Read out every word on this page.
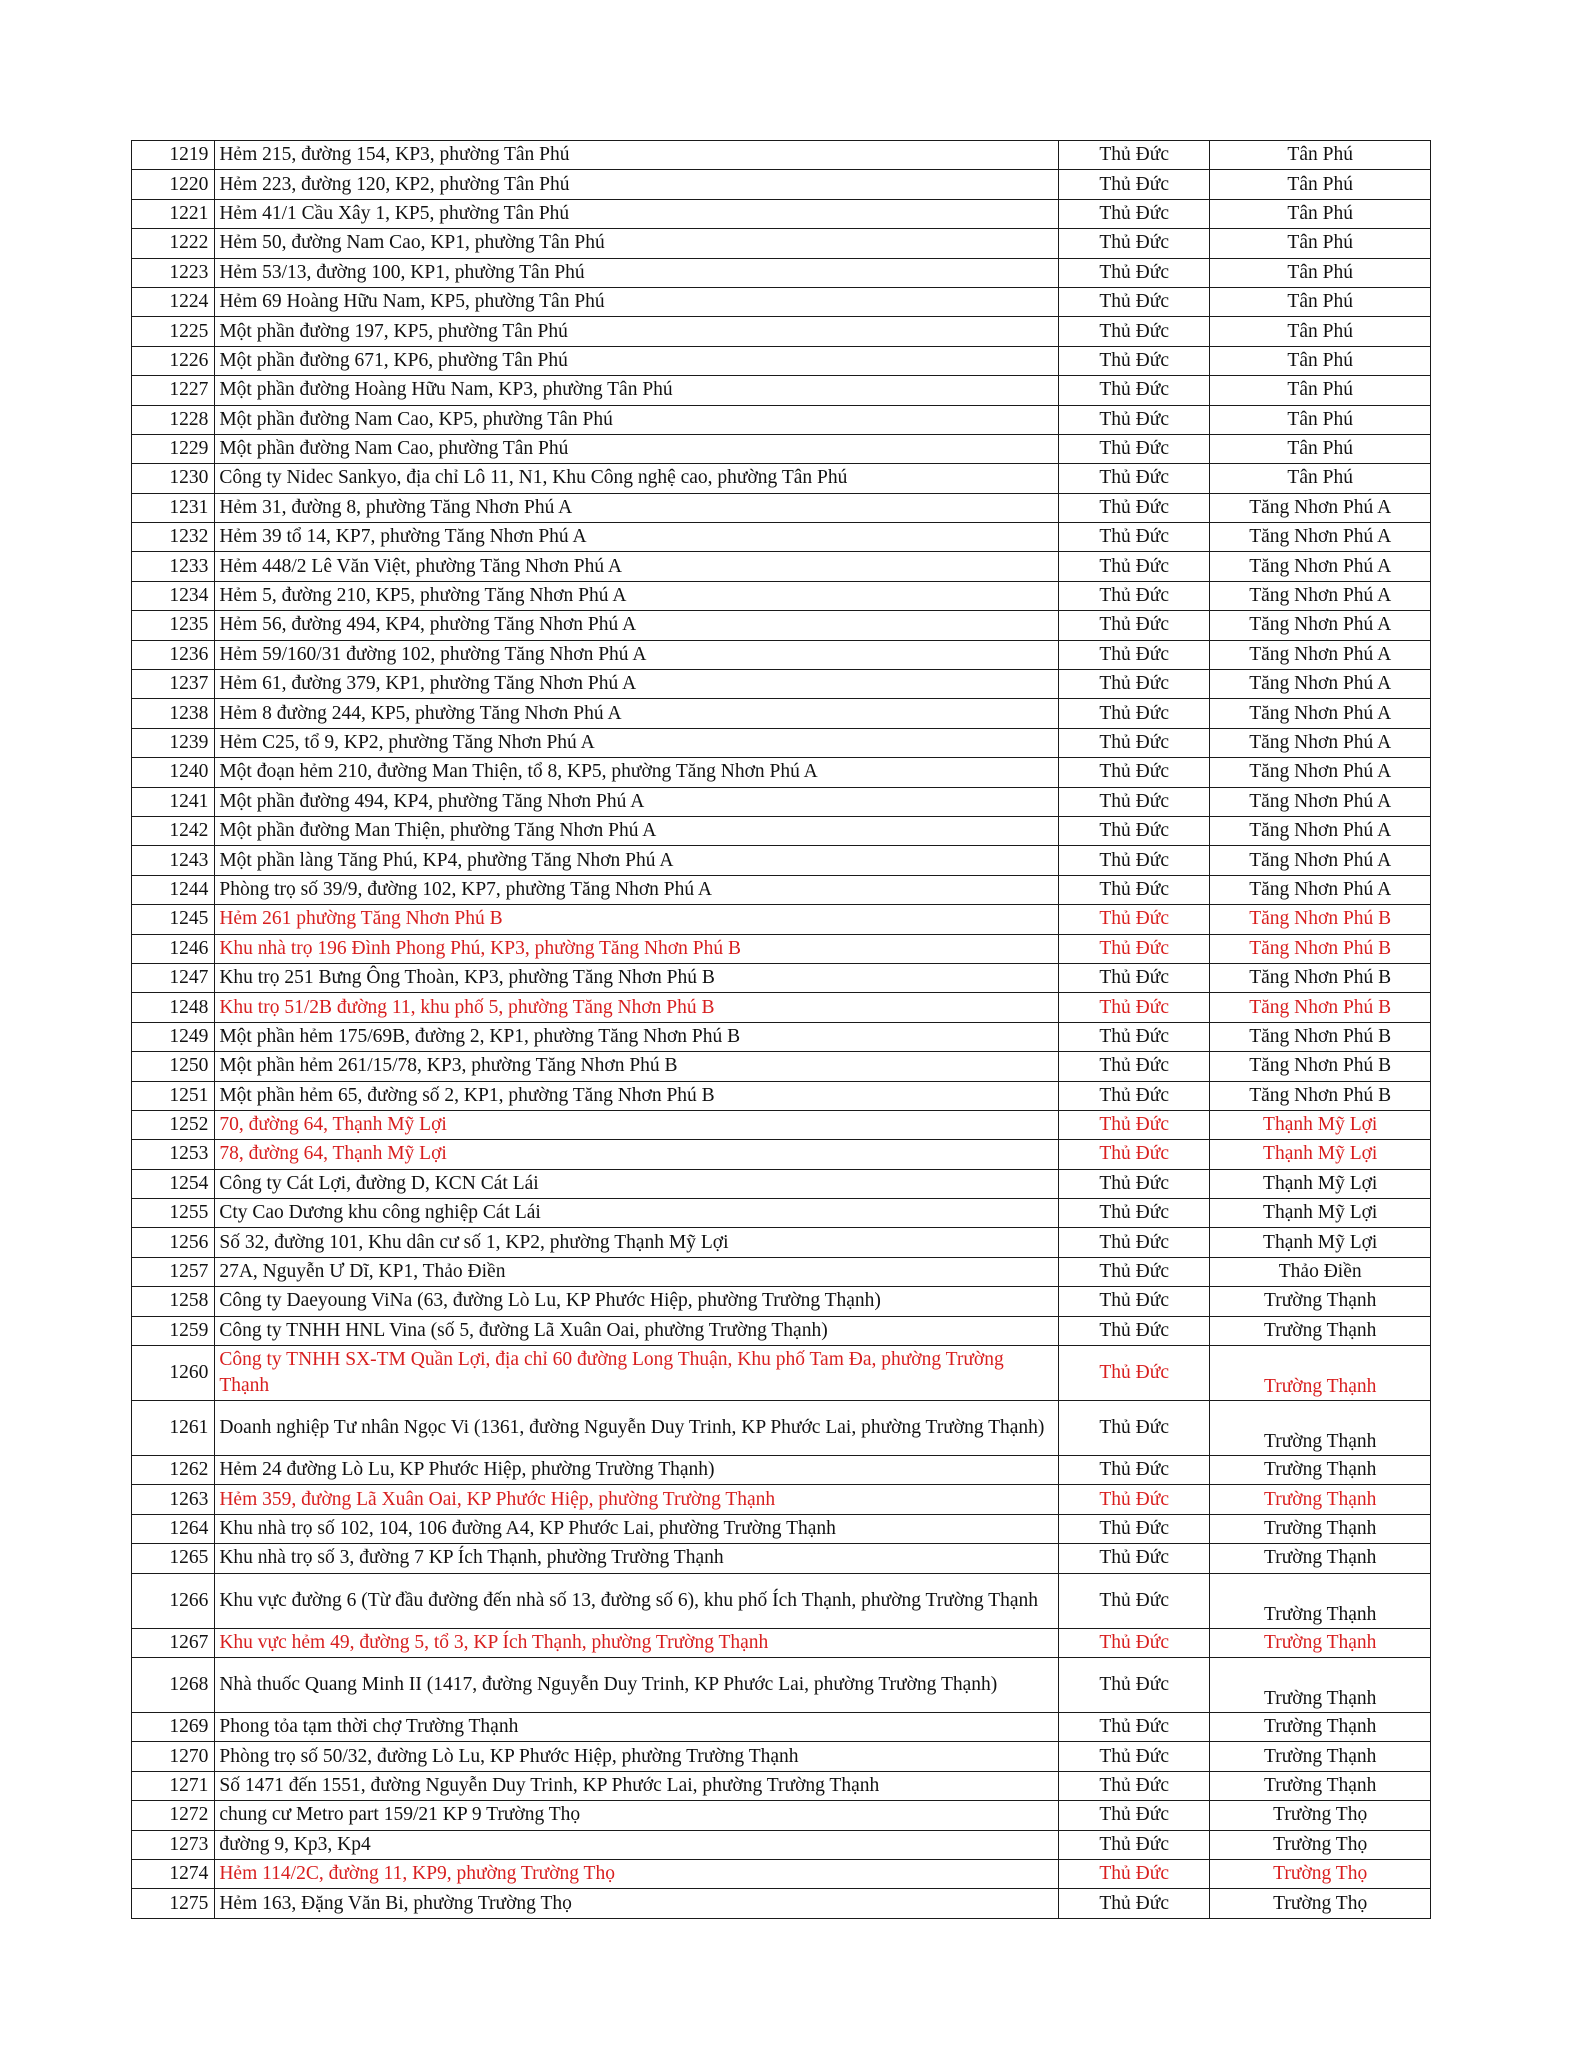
1219	Hẻm 215, đường 154, KP3, phường Tân Phú	Thủ Đức	Tân Phú
1220	Hẻm 223, đường 120, KP2, phường Tân Phú	Thủ Đức	Tân Phú
1221	Hẻm 41/1 Cầu Xây 1, KP5, phường Tân Phú	Thủ Đức	Tân Phú
1222	Hẻm 50, đường Nam Cao, KP1, phường Tân Phú	Thủ Đức	Tân Phú
1223	Hẻm 53/13, đường 100, KP1, phường Tân Phú	Thủ Đức	Tân Phú
1224	Hẻm 69 Hoàng Hữu Nam, KP5, phường Tân Phú	Thủ Đức	Tân Phú
1225	Một phần đường 197, KP5, phường Tân Phú	Thủ Đức	Tân Phú
1226	Một phần đường 671, KP6, phường Tân Phú	Thủ Đức	Tân Phú
1227	Một phần đường Hoàng Hữu Nam, KP3, phường Tân Phú	Thủ Đức	Tân Phú
1228	Một phần đường Nam Cao, KP5, phường Tân Phú	Thủ Đức	Tân Phú
1229	Một phần đường Nam Cao, phường Tân Phú	Thủ Đức	Tân Phú
1230	Công ty Nidec Sankyo, địa chỉ Lô 11, N1, Khu Công nghệ cao, phường Tân Phú	Thủ Đức	Tân Phú
1231	Hẻm 31, đường 8, phường Tăng Nhơn Phú A	Thủ Đức	Tăng Nhơn Phú A
1232	Hẻm 39 tổ 14, KP7, phường Tăng Nhơn Phú A	Thủ Đức	Tăng Nhơn Phú A
1233	Hẻm 448/2 Lê Văn Việt, phường Tăng Nhơn Phú A	Thủ Đức	Tăng Nhơn Phú A
1234	Hẻm 5, đường 210, KP5, phường Tăng Nhơn Phú A	Thủ Đức	Tăng Nhơn Phú A
1235	Hẻm 56, đường 494, KP4, phường Tăng Nhơn Phú A	Thủ Đức	Tăng Nhơn Phú A
1236	Hẻm 59/160/31 đường 102, phường Tăng Nhơn Phú A	Thủ Đức	Tăng Nhơn Phú A
1237	Hẻm 61, đường 379, KP1, phường Tăng Nhơn Phú A	Thủ Đức	Tăng Nhơn Phú A
1238	Hẻm 8 đường 244, KP5, phường Tăng Nhơn Phú A	Thủ Đức	Tăng Nhơn Phú A
1239	Hẻm C25, tổ 9, KP2, phường Tăng Nhơn Phú A	Thủ Đức	Tăng Nhơn Phú A
1240	Một đoạn hẻm 210, đường Man Thiện, tổ 8, KP5, phường Tăng Nhơn Phú A	Thủ Đức	Tăng Nhơn Phú A
1241	Một phần đường 494, KP4, phường Tăng Nhơn Phú A	Thủ Đức	Tăng Nhơn Phú A
1242	Một phần đường Man Thiện, phường Tăng Nhơn Phú A	Thủ Đức	Tăng Nhơn Phú A
1243	Một phần làng Tăng Phú, KP4, phường Tăng Nhơn Phú A	Thủ Đức	Tăng Nhơn Phú A
1244	Phòng trọ số 39/9, đường 102, KP7, phường Tăng Nhơn Phú A	Thủ Đức	Tăng Nhơn Phú A
1245	Hẻm 261 phường Tăng Nhơn Phú B	Thủ Đức	Tăng Nhơn Phú B
1246	Khu nhà trọ 196 Đình Phong Phú, KP3, phường Tăng Nhơn Phú B	Thủ Đức	Tăng Nhơn Phú B
1247	Khu trọ 251 Bưng Ông Thoàn, KP3, phường Tăng Nhơn Phú B	Thủ Đức	Tăng Nhơn Phú B
1248	Khu trọ 51/2B đường 11, khu phố 5, phường Tăng Nhơn Phú B	Thủ Đức	Tăng Nhơn Phú B
1249	Một phần hẻm 175/69B, đường 2, KP1, phường Tăng Nhơn Phú B	Thủ Đức	Tăng Nhơn Phú B
1250	Một phần hẻm 261/15/78, KP3, phường Tăng Nhơn Phú B	Thủ Đức	Tăng Nhơn Phú B
1251	Một phần hẻm 65, đường số 2, KP1, phường Tăng Nhơn Phú B	Thủ Đức	Tăng Nhơn Phú B
1252	70, đường 64, Thạnh Mỹ Lợi	Thủ Đức	Thạnh Mỹ Lợi
1253	78, đường 64, Thạnh Mỹ Lợi	Thủ Đức	Thạnh Mỹ Lợi
1254	Công ty Cát Lợi, đường D, KCN Cát Lái	Thủ Đức	Thạnh Mỹ Lợi
1255	Cty Cao Dương khu công nghiệp Cát Lái	Thủ Đức	Thạnh Mỹ Lợi
1256	Số 32, đường 101, Khu dân cư số 1, KP2, phường Thạnh Mỹ Lợi	Thủ Đức	Thạnh Mỹ Lợi
1257	27A, Nguyễn Ư Dĩ, KP1, Thảo Điền	Thủ Đức	Thảo Điền
1258	Công ty Daeyoung ViNa (63, đường Lò Lu, KP Phước Hiệp, phường Trường Thạnh)	Thủ Đức	Trường Thạnh
1259	Công ty TNHH HNL Vina (số 5, đường Lã Xuân Oai, phường Trường Thạnh)	Thủ Đức	Trường Thạnh
1260	Công ty TNHH SX-TM Quần Lợi, địa chỉ 60 đường Long Thuận, Khu phố Tam Đa, phường Trường Thạnh	Thủ Đức	Trường Thạnh
1261	Doanh nghiệp Tư nhân Ngọc Vi (1361, đường Nguyễn Duy Trinh, KP Phước Lai, phường Trường Thạnh)	Thủ Đức	Trường Thạnh
1262	Hẻm 24 đường Lò Lu, KP Phước Hiệp, phường Trường Thạnh)	Thủ Đức	Trường Thạnh
1263	Hẻm 359, đường Lã Xuân Oai, KP Phước Hiệp, phường Trường Thạnh	Thủ Đức	Trường Thạnh
1264	Khu nhà trọ số 102, 104, 106 đường A4, KP Phước Lai, phường Trường Thạnh	Thủ Đức	Trường Thạnh
1265	Khu nhà trọ số 3, đường 7 KP Ích Thạnh, phường Trường Thạnh	Thủ Đức	Trường Thạnh
1266	Khu vực đường 6 (Từ đầu đường đến nhà số 13, đường số 6), khu phố Ích Thạnh, phường Trường Thạnh	Thủ Đức	Trường Thạnh
1267	Khu vực hẻm 49, đường 5, tổ 3, KP Ích Thạnh, phường Trường Thạnh	Thủ Đức	Trường Thạnh
1268	Nhà thuốc Quang Minh II (1417, đường Nguyễn Duy Trinh, KP Phước Lai, phường Trường Thạnh)	Thủ Đức	Trường Thạnh
1269	Phong tỏa tạm thời chợ Trường Thạnh	Thủ Đức	Trường Thạnh
1270	Phòng trọ số 50/32, đường Lò Lu, KP Phước Hiệp, phường Trường Thạnh	Thủ Đức	Trường Thạnh
1271	Số 1471 đến 1551, đường Nguyễn Duy Trinh, KP Phước Lai, phường Trường Thạnh	Thủ Đức	Trường Thạnh
1272	chung cư Metro part 159/21 KP 9 Trường Thọ	Thủ Đức	Trường Thọ
1273	đường 9, Kp3, Kp4	Thủ Đức	Trường Thọ
1274	Hẻm 114/2C, đường 11, KP9, phường Trường Thọ	Thủ Đức	Trường Thọ
1275	Hẻm 163, Đặng Văn Bi, phường Trường Thọ	Thủ Đức	Trường Thọ
